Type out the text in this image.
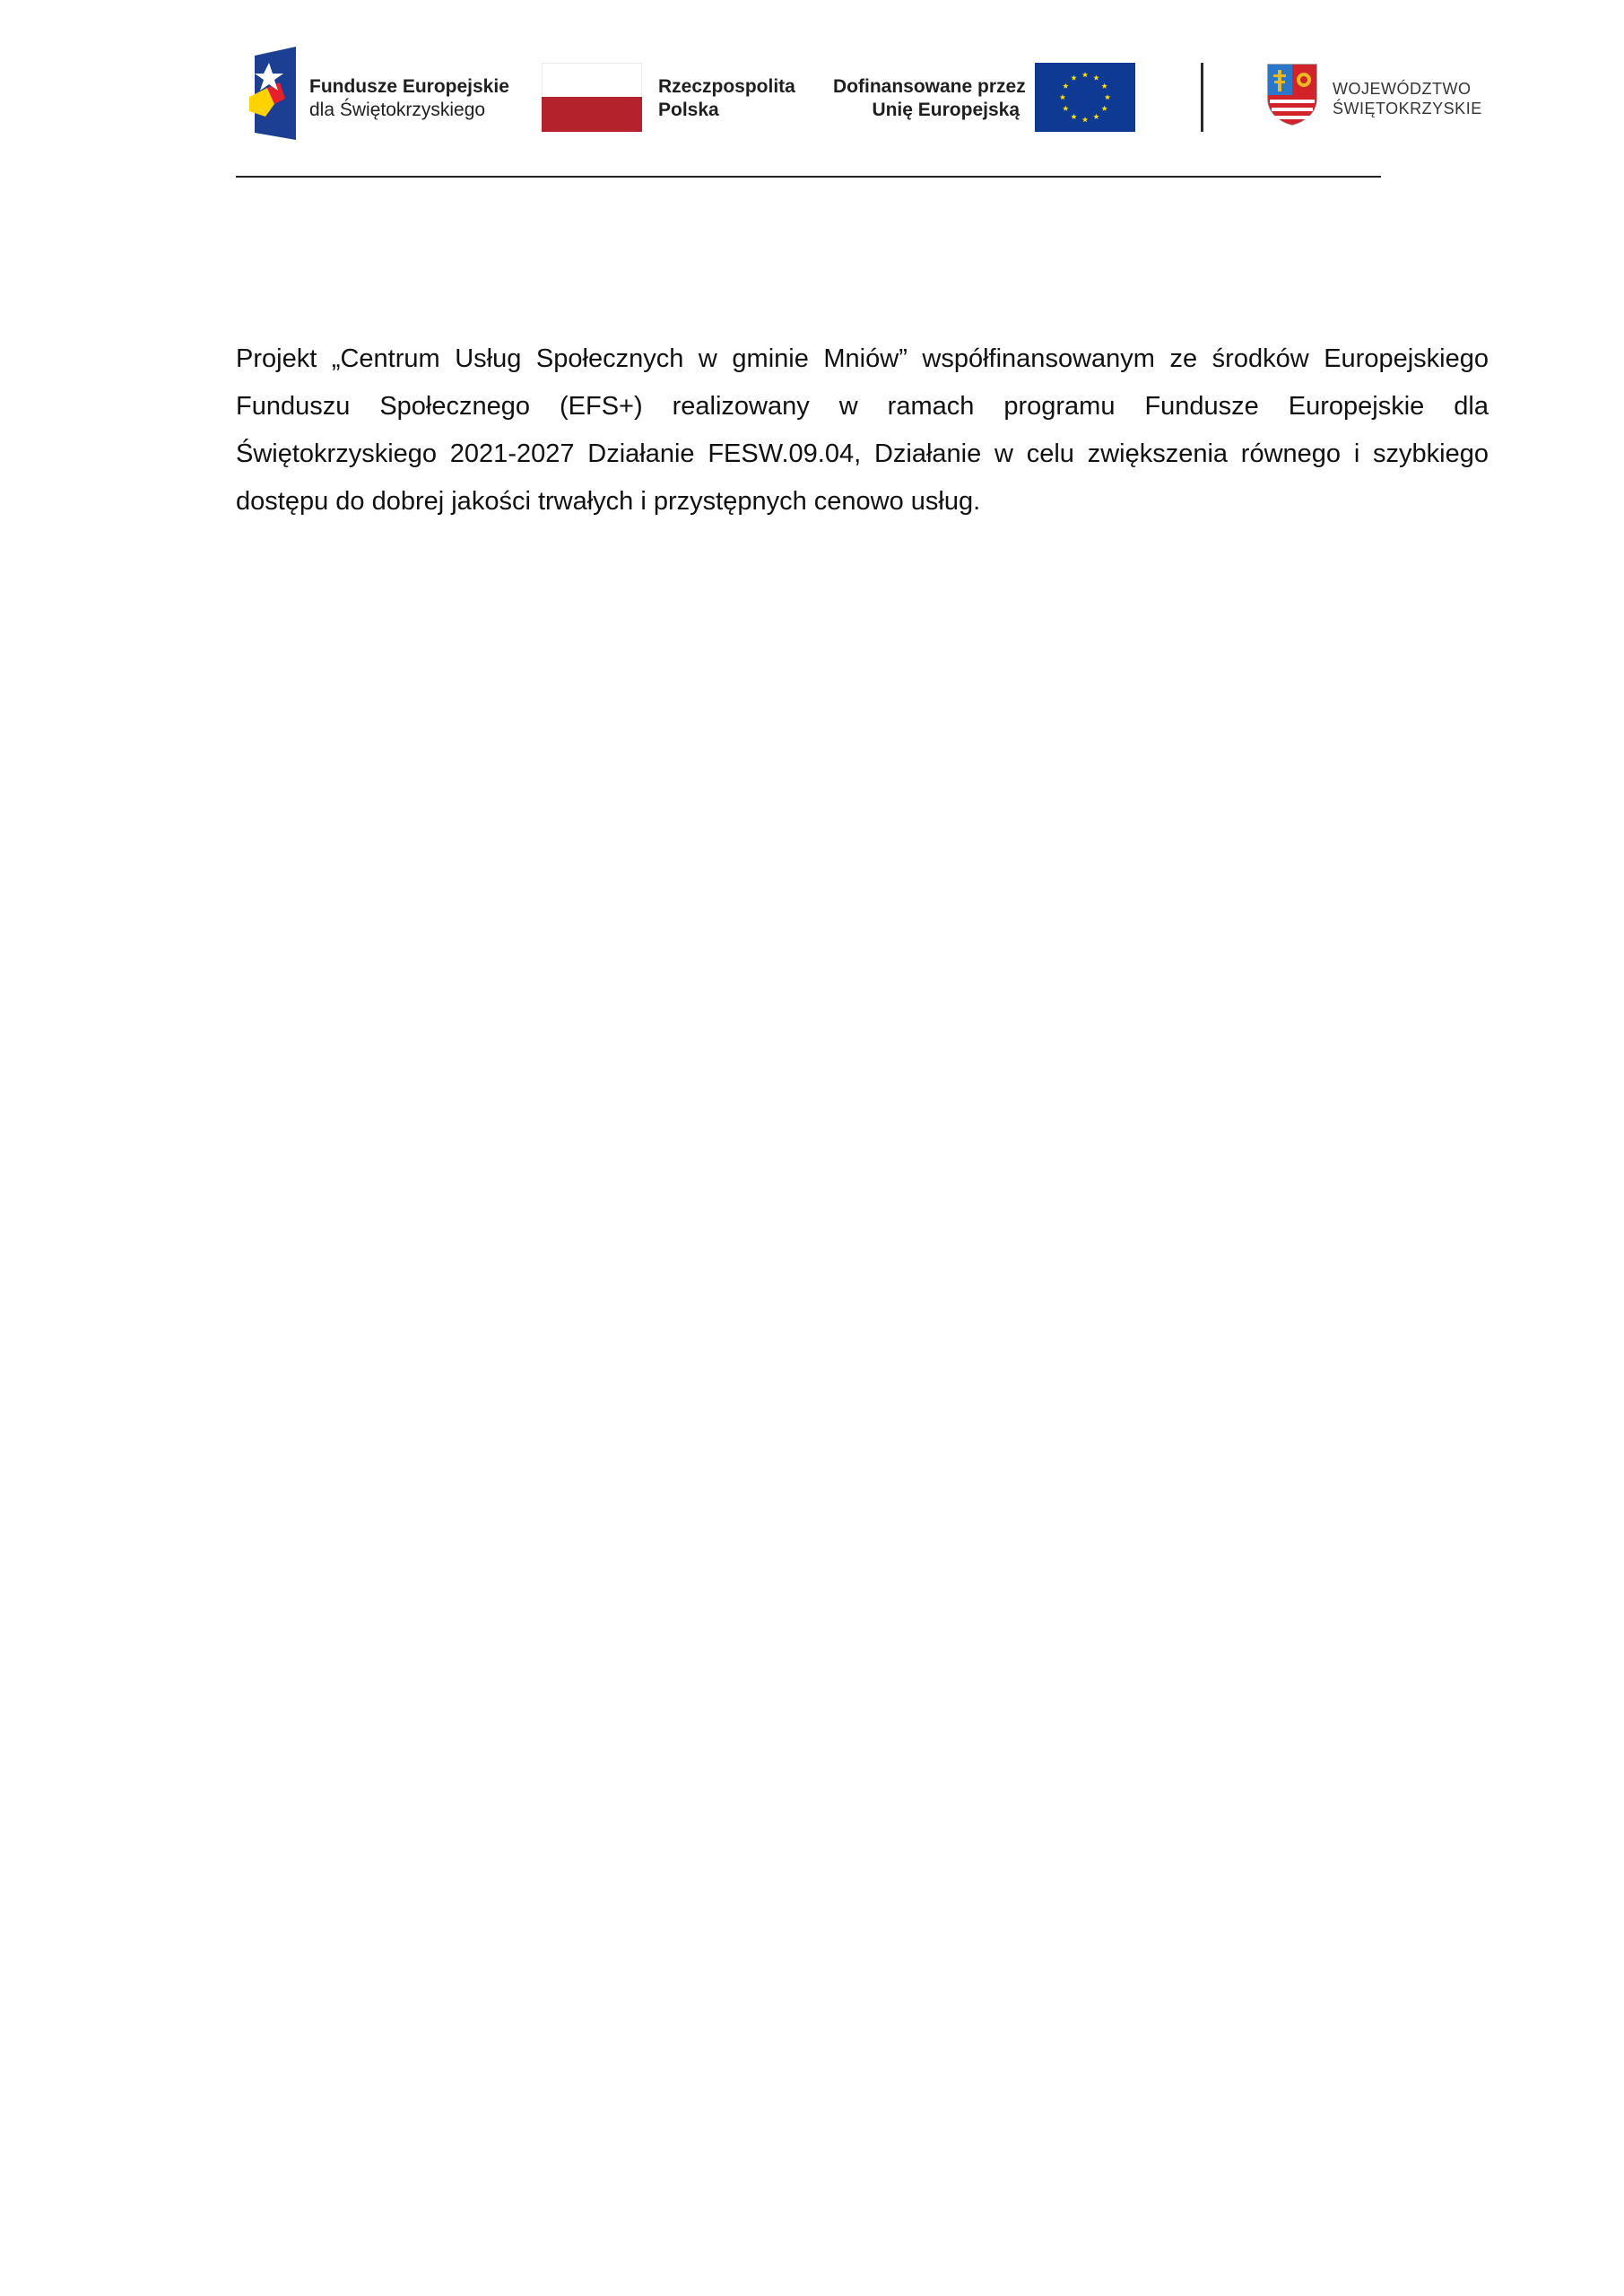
Fundusze Europejskie
dla Świętokrzyskiego
Rzeczpospolita
Polska
Dofinansowane przez
Unię Europejską
WOJEWÓDZTWO
ŚWIĘTOKRZYSKIE

Projekt „Centrum Usług Społecznych w gminie Mniów” współfinansowanym ze środków Europejskiego Funduszu Społecznego (EFS+) realizowany w ramach programu Fundusze Europejskie dla Świętokrzyskiego 2021-2027 Działanie FESW.09.04, Działanie w celu zwiększenia równego i szybkiego dostępu do dobrej jakości trwałych i przystępnych cenowo usług.
